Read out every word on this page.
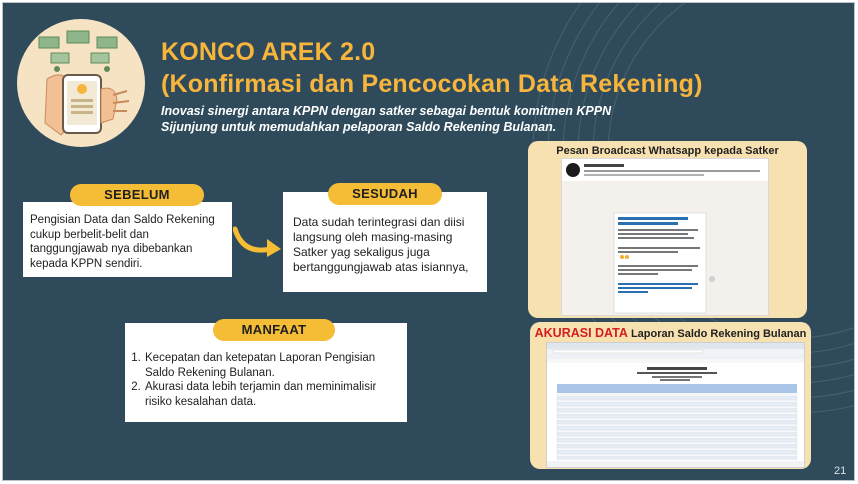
KONCO AREK 2.0
(Konfirmasi dan Pencocokan Data Rekening)
Inovasi sinergi antara KPPN dengan satker sebagai bentuk komitmen KPPN Sijunjung untuk memudahkan pelaporan Saldo Rekening Bulanan.
Pengisian Data dan Saldo Rekening cukup berbelit-belit dan tanggungjawab nya dibebankan kepada KPPN sendiri.
SEBELUM
Data sudah terintegrasi dan diisi langsung oleh masing-masing Satker yag sekaligus juga bertanggungjawab atas isiannya,
SESUDAH
1. Kecepatan dan ketepatan Laporan Pengisian Saldo Rekening Bulanan.
2. Akurasi data lebih terjamin dan meminimalisir risiko kesalahan data.
MANFAAT
Pesan Broadcast Whatsapp kepada Satker
AKURASI DATA Laporan Saldo Rekening Bulanan
21
